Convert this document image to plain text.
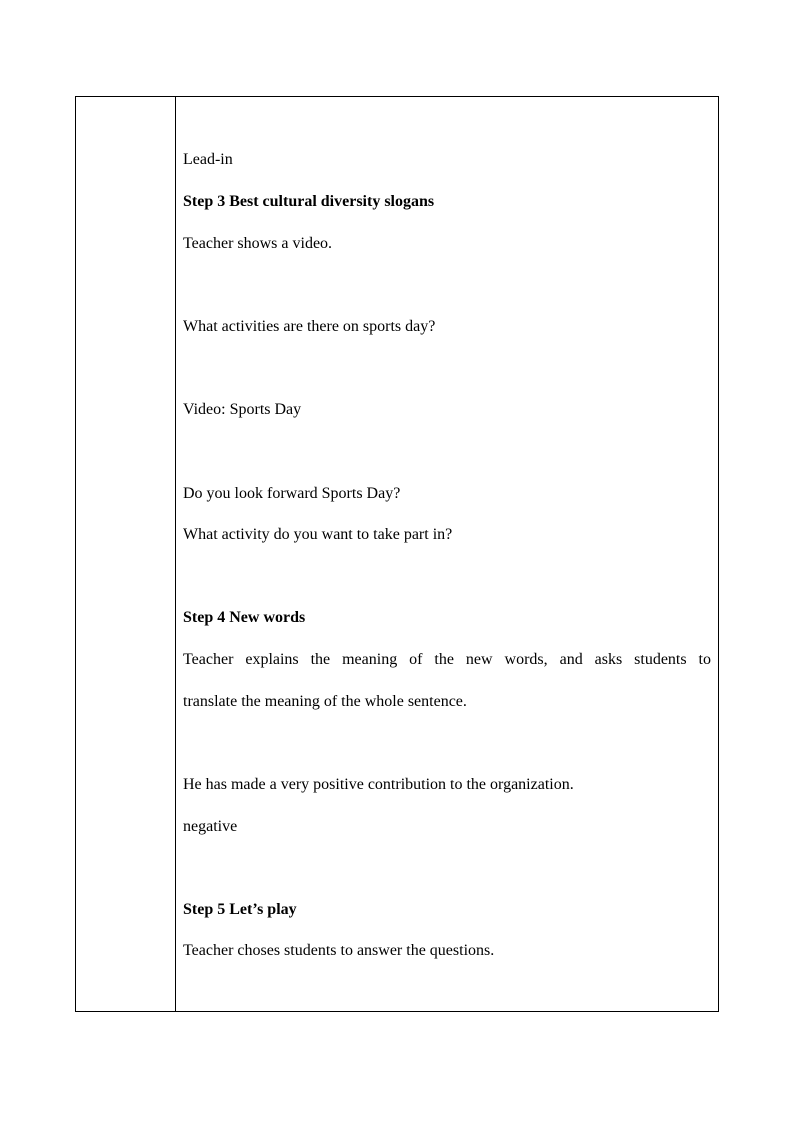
Lead-in
Step 3 Best cultural diversity slogans
Teacher shows a video.
What activities are there on sports day?
Video: Sports Day
Do you look forward Sports Day?
What activity do you want to take part in?
Step 4 New words
Teacher explains the meaning of the new words, and asks students to
translate the meaning of the whole sentence.
He has made a very positive contribution to the organization.
negative
Step 5 Let’s play
Teacher choses students to answer the questions.
